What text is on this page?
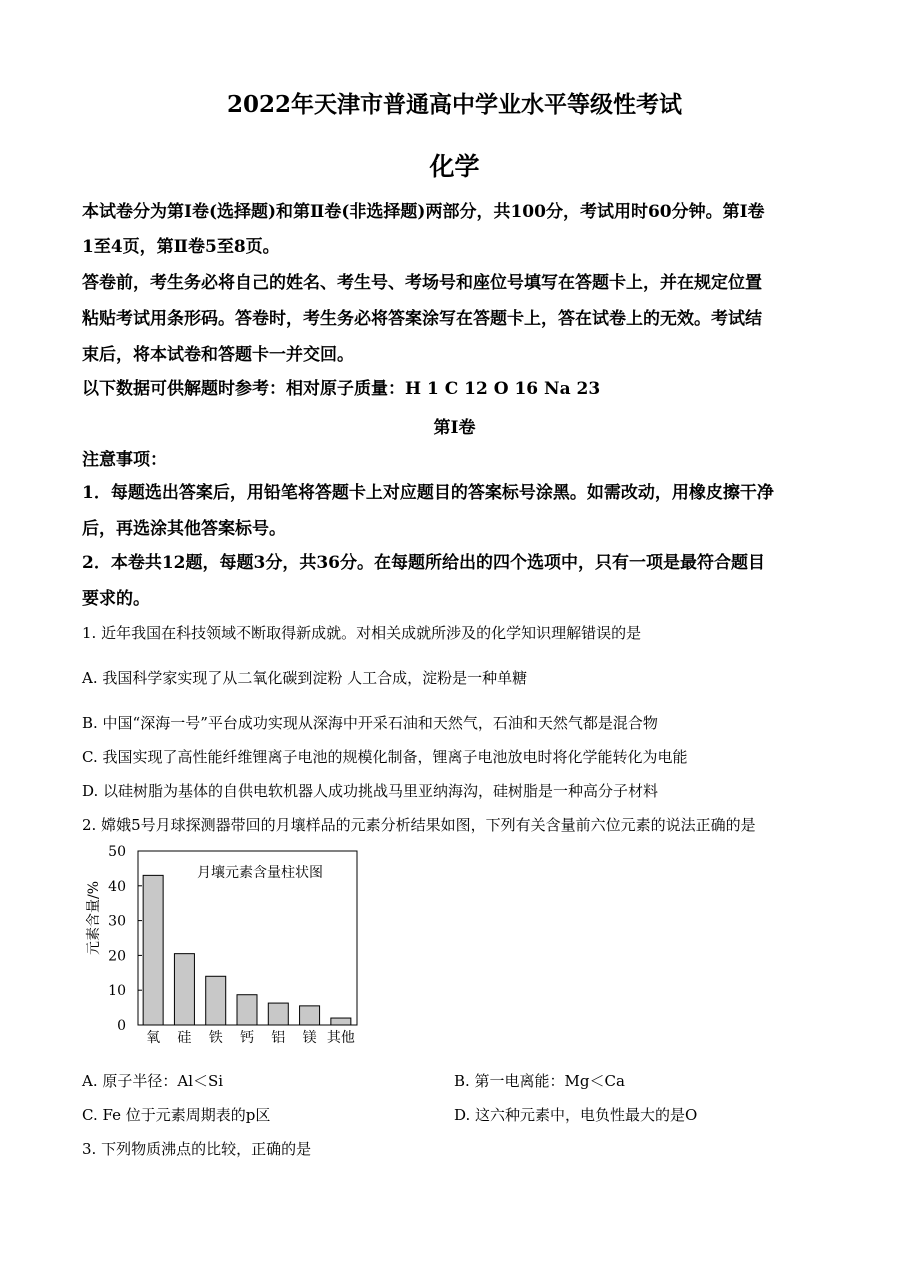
2022年天津市普通高中学业水平等级性考试
化学
本试卷分为第Ⅰ卷(选择题)和第Ⅱ卷(非选择题)两部分，共100分，考试用时60分钟。第Ⅰ卷
1至4页，第Ⅱ卷5至8页。
答卷前，考生务必将自己的姓名、考生号、考场号和座位号填写在答题卡上，并在规定位置
粘贴考试用条形码。答卷时，考生务必将答案涂写在答题卡上，答在试卷上的无效。考试结
束后，将本试卷和答题卡一并交回。
以下数据可供解题时参考：相对原子质量：H 1 C 12 O 16 Na 23
第Ⅰ卷
注意事项：
1．每题选出答案后，用铅笔将答题卡上对应题目的答案标号涂黑。如需改动，用橡皮擦干净
后，再选涂其他答案标号。
2．本卷共12题，每题3分，共36分。在每题所给出的四个选项中，只有一项是最符合题目
要求的。
1. 近年我国在科技领域不断取得新成就。对相关成就所涉及的化学知识理解错误的是
A. 我国科学家实现了从二氧化碳到淀粉 人工合成，淀粉是一种单糖
B. 中国“深海一号”平台成功实现从深海中开采石油和天然气，石油和天然气都是混合物
C. 我国实现了高性能纤维锂离子电池的规模化制备，锂离子电池放电时将化学能转化为电能
D. 以硅树脂为基体的自供电软机器人成功挑战马里亚纳海沟，硅树脂是一种高分子材料
2. 嫦娥5号月球探测器带回的月壤样品的元素分析结果如图，下列有关含量前六位元素的说法正确的是
0
10
20
30
40
50
氧 硅 铁 钙 铝 镁 其他
月壤元素含量柱状图
元素含量/%
A. 原子半径：Al＜Si	B. 第一电离能：Mg＜Ca
C. Fe 位于元素周期表的p区	D. 这六种元素中，电负性最大的是O
3. 下列物质沸点的比较，正确的是
